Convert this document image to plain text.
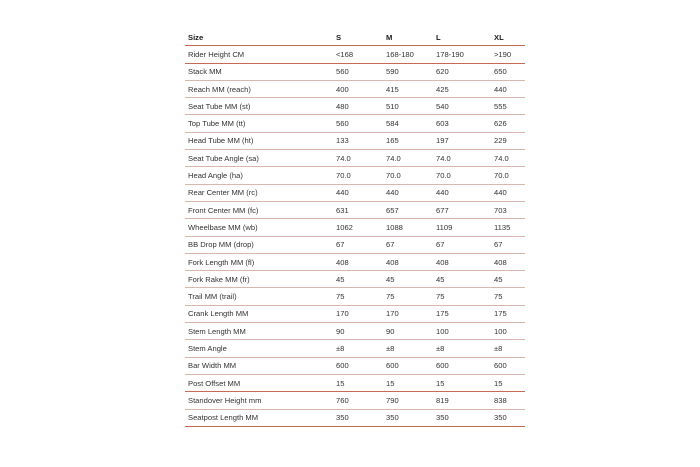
Size	S	M	L	XL
Rider Height CM	<168	168-180	178-190	>190
Stack MM	560	590	620	650
Reach MM (reach)	400	415	425	440
Seat Tube MM (st)	480	510	540	555
Top Tube MM (tt)	560	584	603	626
Head Tube MM (ht)	133	165	197	229
Seat Tube Angle (sa)	74.0	74.0	74.0	74.0
Head Angle (ha)	70.0	70.0	70.0	70.0
Rear Center MM (rc)	440	440	440	440
Front Center MM (fc)	631	657	677	703
Wheelbase MM (wb)	1062	1088	1109	1135
BB Drop MM (drop)	67	67	67	67
Fork Length MM (fl)	408	408	408	408
Fork Rake MM (fr)	45	45	45	45
Trail MM (trail)	75	75	75	75
Crank Length MM	170	170	175	175
Stem Length MM	90	90	100	100
Stem Angle	±8	±8	±8	±8
Bar Width MM	600	600	600	600
Post Offset MM	15	15	15	15
Standover Height mm	760	790	819	838
Seatpost Length MM	350	350	350	350
